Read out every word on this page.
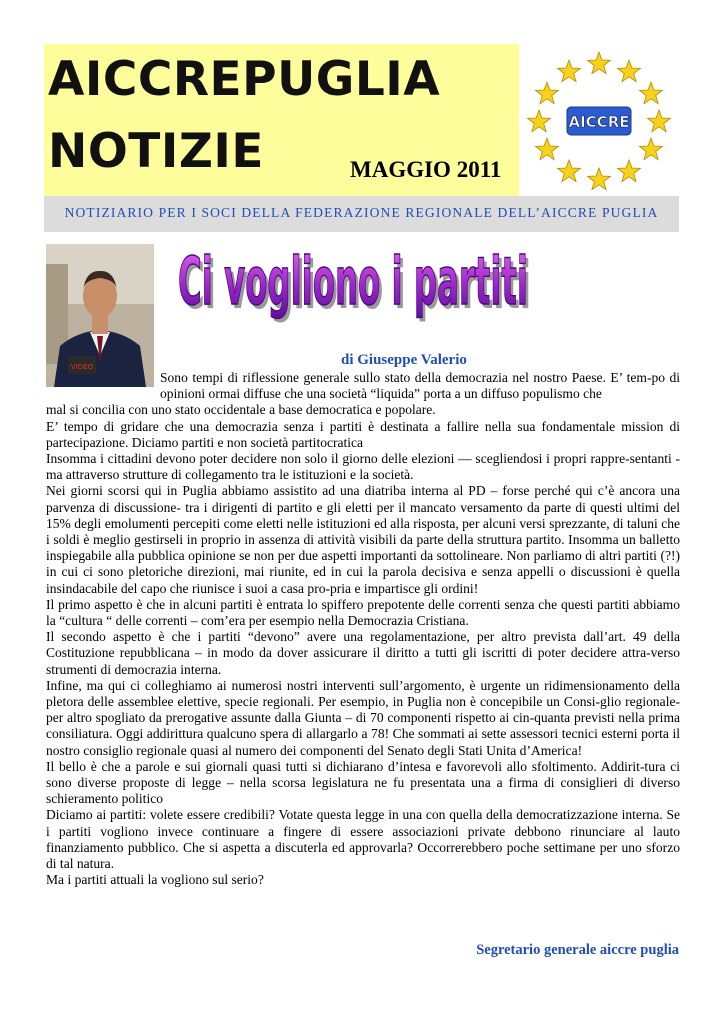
AICCREPUGLIA
NOTIZIE	MAGGIO 2011
AICCRE
NOTIZIARIO PER I SOCI DELLA FEDERAZIONE REGIONALE DELL’AICCRE PUGLIA
VIDEO
Ci vogliono i partiti
Ci vogliono i partiti
di Giuseppe Valerio

Sono tempi di riflessione generale sullo stato della democrazia nel nostro Paese. E’ tem-po di opinioni ormai diffuse che una società “liquida” porta a un diffuso populismo che

mal si concilia con uno stato occidentale a base democratica e popolare.

E’ tempo di gridare che una democrazia senza i partiti è destinata a fallire nella sua fondamentale mission di partecipazione. Diciamo partiti e non società partitocratica

Insomma i cittadini devono poter decidere non solo il giorno delle elezioni — scegliendosi i propri rappre-sentanti - ma attraverso strutture di collegamento tra le istituzioni e la società.

Nei giorni scorsi qui in Puglia abbiamo assistito ad una diatriba interna al PD – forse perché qui c’è ancora una parvenza di discussione- tra i dirigenti di partito e gli eletti per il mancato versamento da parte di questi ultimi del 15% degli emolumenti percepiti come eletti nelle istituzioni ed alla risposta, per alcuni versi sprezzante, di taluni che i soldi è meglio gestirseli in proprio in assenza di attività visibili da parte della struttura partito. Insomma un balletto inspiegabile alla pubblica opinione se non per due aspetti importanti da sottolineare. Non parliamo di altri partiti (?!) in cui ci sono pletoriche direzioni, mai riunite, ed in cui la parola decisiva e senza appelli o discussioni è quella insindacabile del capo che riunisce i suoi a casa pro-pria e impartisce gli ordini!

Il primo aspetto è che in alcuni partiti è entrata lo spiffero prepotente delle correnti senza che questi partiti abbiamo la “cultura “ delle correnti – com’era per esempio nella Democrazia Cristiana.

Il secondo aspetto è che i partiti “devono” avere una regolamentazione, per altro prevista dall’art. 49 della Costituzione repubblicana – in modo da dover assicurare il diritto a tutti gli iscritti di poter decidere attra-verso strumenti di democrazia interna.

Infine, ma qui ci colleghiamo ai numerosi nostri interventi sull’argomento, è urgente un ridimensionamento della pletora delle assemblee elettive, specie regionali. Per esempio, in Puglia non è concepibile un Consi-glio regionale- per altro spogliato da prerogative assunte dalla Giunta – di 70 componenti rispetto ai cin-quanta previsti nella prima consiliatura. Oggi addirittura qualcuno spera di allargarlo a 78! Che sommati ai sette assessori tecnici esterni porta il nostro consiglio regionale quasi al numero dei componenti del Senato degli Stati Unita d’America!

Il bello è che a parole e sui giornali quasi tutti si dichiarano d’intesa e favorevoli allo sfoltimento. Addirit-tura ci sono diverse proposte di legge – nella scorsa legislatura ne fu presentata una a firma di consiglieri di diverso schieramento politico

Diciamo ai partiti: volete essere credibili? Votate questa legge in una con quella della democratizzazione interna. Se i partiti vogliono invece continuare a fingere di essere associazioni private debbono rinunciare al lauto finanziamento pubblico. Che si aspetta a discuterla ed approvarla? Occorrerebbero poche settimane per uno sforzo di tal natura.

Ma i partiti attuali la vogliono sul serio?

Segretario generale aiccre puglia
